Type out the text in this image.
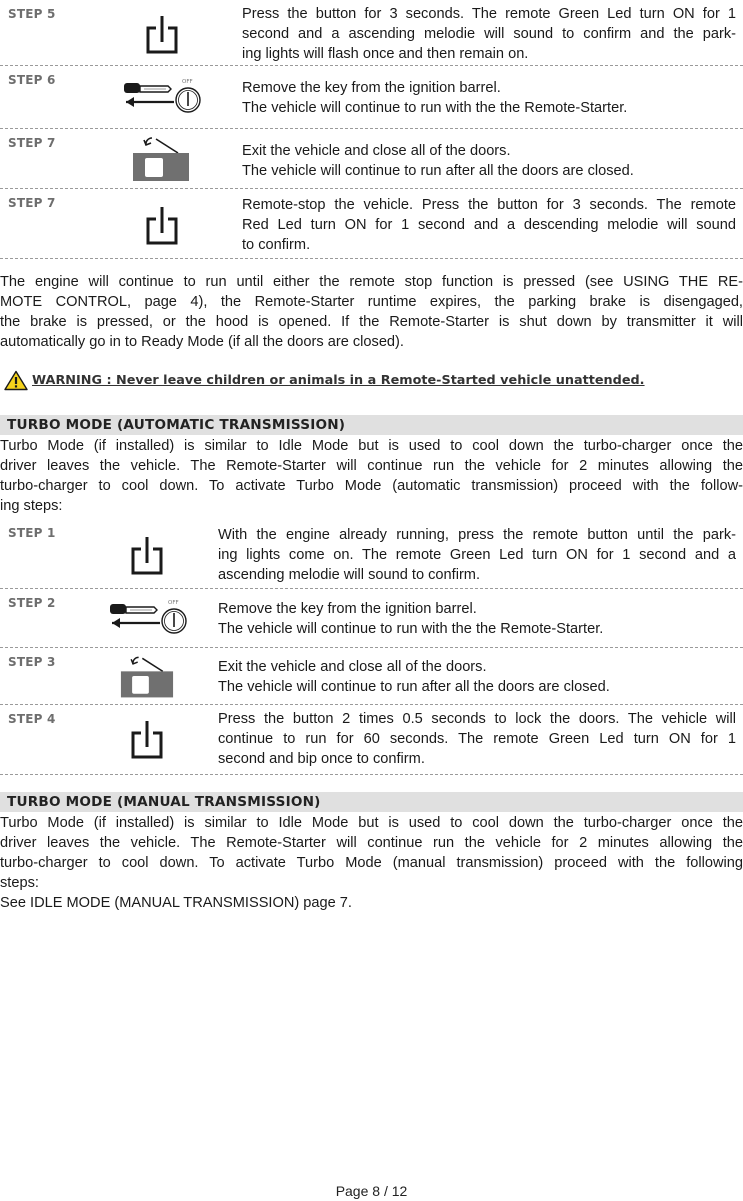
STEP 5	Press the button for 3 seconds. The remote Green Led turn ON for 1
second and a ascending melodie will sound to confirm and the park-
ing lights will flash once and then remain on.
STEP 6	OFF	Remove the key from the ignition barrel.
The vehicle will continue to run with the the Remote-Starter.
STEP 7	Exit the vehicle and close all of the doors.
The vehicle will continue to run after all the doors are closed.
STEP 7	Remote-stop the vehicle. Press the button for 3 seconds. The remote
Red Led turn ON for 1 second and a descending melodie will sound
to confirm.
The engine will continue to run until either the remote stop function is pressed (see USING THE RE-
MOTE CONTROL, page 4), the Remote-Starter runtime expires, the parking brake is disengaged,
the brake is pressed, or the hood is opened. If the Remote-Starter is shut down by transmitter it will
automatically go in to Ready Mode (if all the doors are closed).
WARNING : Never leave children or animals in a Remote-Started vehicle unattended.
TURBO MODE (AUTOMATIC TRANSMISSION)
Turbo Mode (if installed) is similar to Idle Mode but is used to cool down the turbo-charger once the
driver leaves the vehicle. The Remote-Starter will continue run the vehicle for 2 minutes allowing the
turbo-charger to cool down. To activate Turbo Mode (automatic transmission) proceed with the follow-
ing steps:
STEP 1	With the engine already running, press the remote button until the park-
ing lights come on. The remote Green Led turn ON for 1 second and a
ascending melodie will sound to confirm.
STEP 2	OFF	Remove the key from the ignition barrel.
The vehicle will continue to run with the the Remote-Starter.
STEP 3	Exit the vehicle and close all of the doors.
The vehicle will continue to run after all the doors are closed.
STEP 4	Press the button 2 times 0.5 seconds to lock the doors. The vehicle will
continue to run for 60 seconds. The remote Green Led turn ON for 1
second and bip once to confirm.
TURBO MODE (MANUAL TRANSMISSION)
Turbo Mode (if installed) is similar to Idle Mode but is used to cool down the turbo-charger once the
driver leaves the vehicle. The Remote-Starter will continue run the vehicle for 2 minutes allowing the
turbo-charger to cool down. To activate Turbo Mode (manual transmission) proceed with the following
steps:
See IDLE MODE (MANUAL TRANSMISSION) page 7.
Page 8 / 12
